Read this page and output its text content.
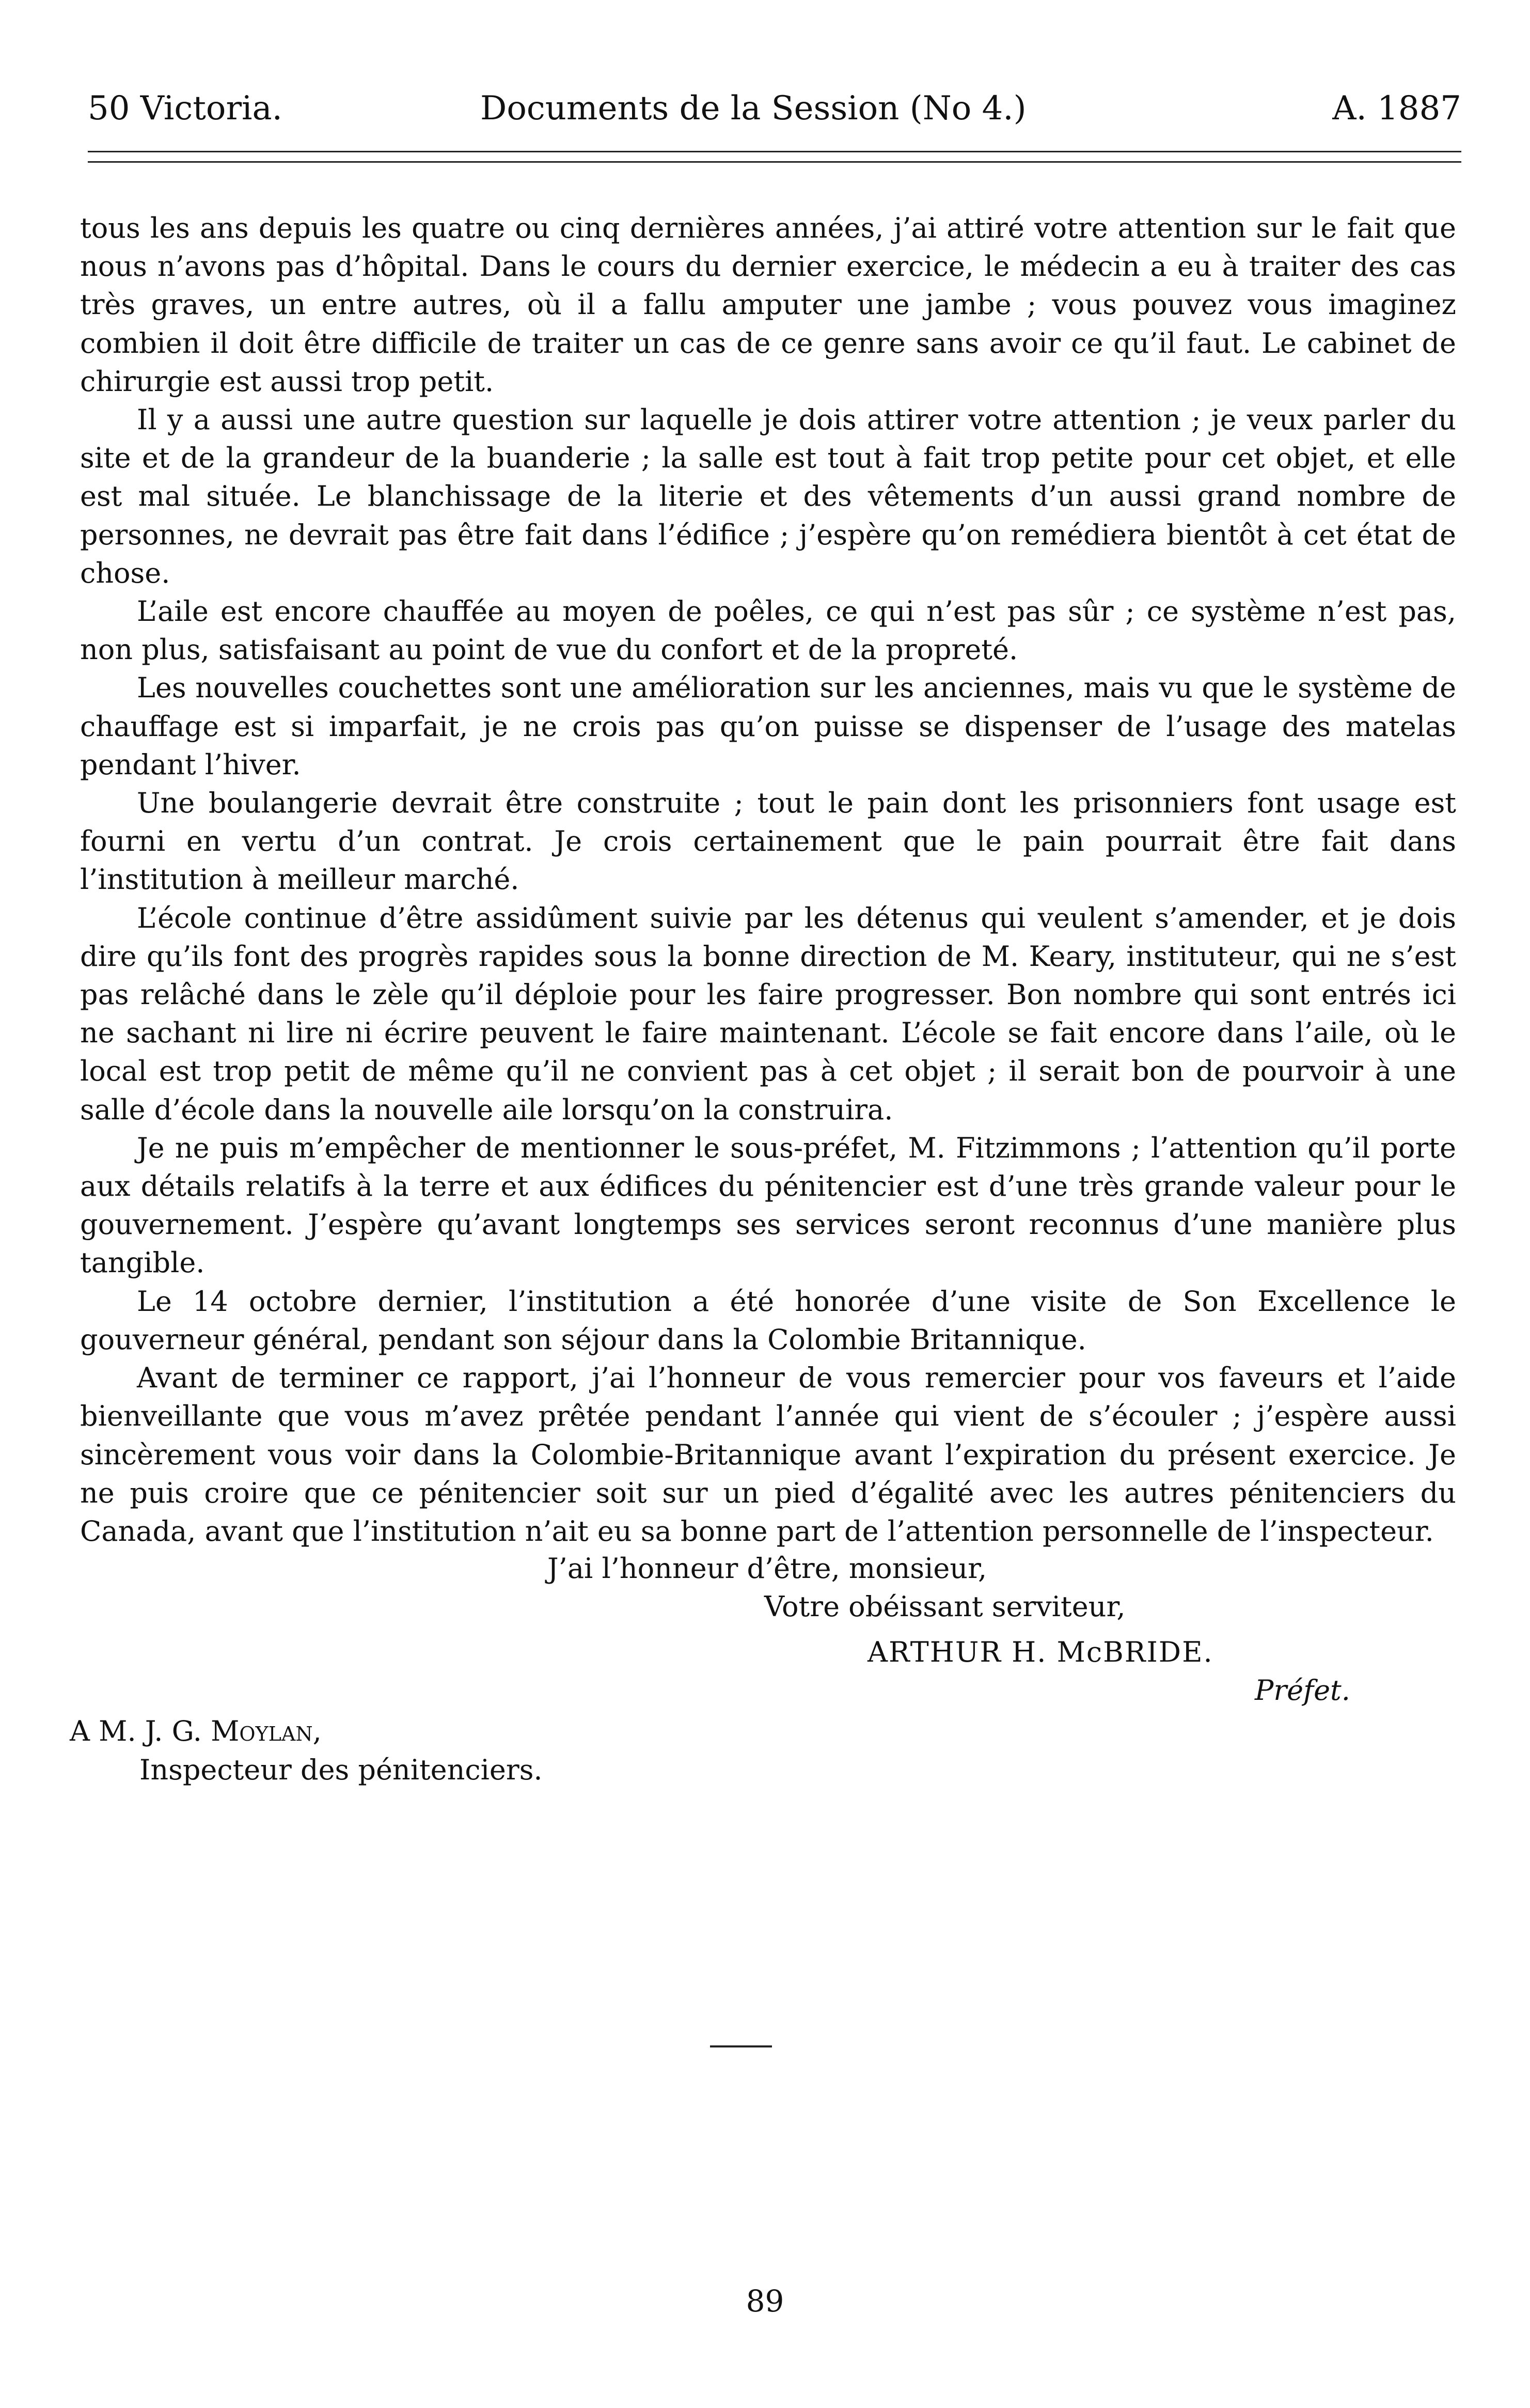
50 Victoria.	Documents de la Session (No 4.)	A. 1887

tous les ans depuis les quatre ou cinq dernières années, j’ai attiré votre attention sur le fait que nous n’avons pas d’hôpital. Dans le cours du dernier exercice, le médecin a eu à traiter des cas très graves, un entre autres, où il a fallu amputer une jambe ; vous pouvez vous imaginez combien il doit être difficile de traiter un cas de ce genre sans avoir ce qu’il faut. Le cabinet de chirurgie est aussi trop petit.

Il y a aussi une autre question sur laquelle je dois attirer votre attention ; je veux parler du site et de la grandeur de la buanderie ; la salle est tout à fait trop petite pour cet objet, et elle est mal située. Le blanchissage de la literie et des vêtements d’un aussi grand nombre de personnes, ne devrait pas être fait dans l’édifice ; j’espère qu’on remédiera bientôt à cet état de chose.

L’aile est encore chauffée au moyen de poêles, ce qui n’est pas sûr ; ce système n’est pas, non plus, satisfaisant au point de vue du confort et de la propreté.

Les nouvelles couchettes sont une amélioration sur les anciennes, mais vu que le système de chauffage est si imparfait, je ne crois pas qu’on puisse se dispenser de l’usage des matelas pendant l’hiver.

Une boulangerie devrait être construite ; tout le pain dont les prisonniers font usage est fourni en vertu d’un contrat. Je crois certainement que le pain pourrait être fait dans l’institution à meilleur marché.

L’école continue d’être assidûment suivie par les détenus qui veulent s’amender, et je dois dire qu’ils font des progrès rapides sous la bonne direction de M. Keary, instituteur, qui ne s’est pas relâché dans le zèle qu’il déploie pour les faire progresser. Bon nombre qui sont entrés ici ne sachant ni lire ni écrire peuvent le faire maintenant. L’école se fait encore dans l’aile, où le local est trop petit de même qu’il ne convient pas à cet objet ; il serait bon de pourvoir à une salle d’école dans la nouvelle aile lorsqu’on la construira.

Je ne puis m’empêcher de mentionner le sous-préfet, M. Fitzimmons ; l’attention qu’il porte aux détails relatifs à la terre et aux édifices du pénitencier est d’une très grande valeur pour le gouvernement. J’espère qu’avant longtemps ses services seront reconnus d’une manière plus tangible.

Le 14 octobre dernier, l’institution a été honorée d’une visite de Son Excellence le gouverneur général, pendant son séjour dans la Colombie Britannique.

Avant de terminer ce rapport, j’ai l’honneur de vous remercier pour vos faveurs et l’aide bienveillante que vous m’avez prêtée pendant l’année qui vient de s’écouler ; j’espère aussi sincèrement vous voir dans la Colombie-Britannique avant l’expiration du présent exercice. Je ne puis croire que ce pénitencier soit sur un pied d’égalité avec les autres pénitenciers du Canada, avant que l’institution n’ait eu sa bonne part de l’attention personnelle de l’inspecteur.

J’ai l’honneur d’être, monsieur,
Votre obéissant serviteur,
ARTHUR H. McBRIDE.
Préfet.
A M. J. G. Moylan,
Inspecteur des pénitenciers.
89
